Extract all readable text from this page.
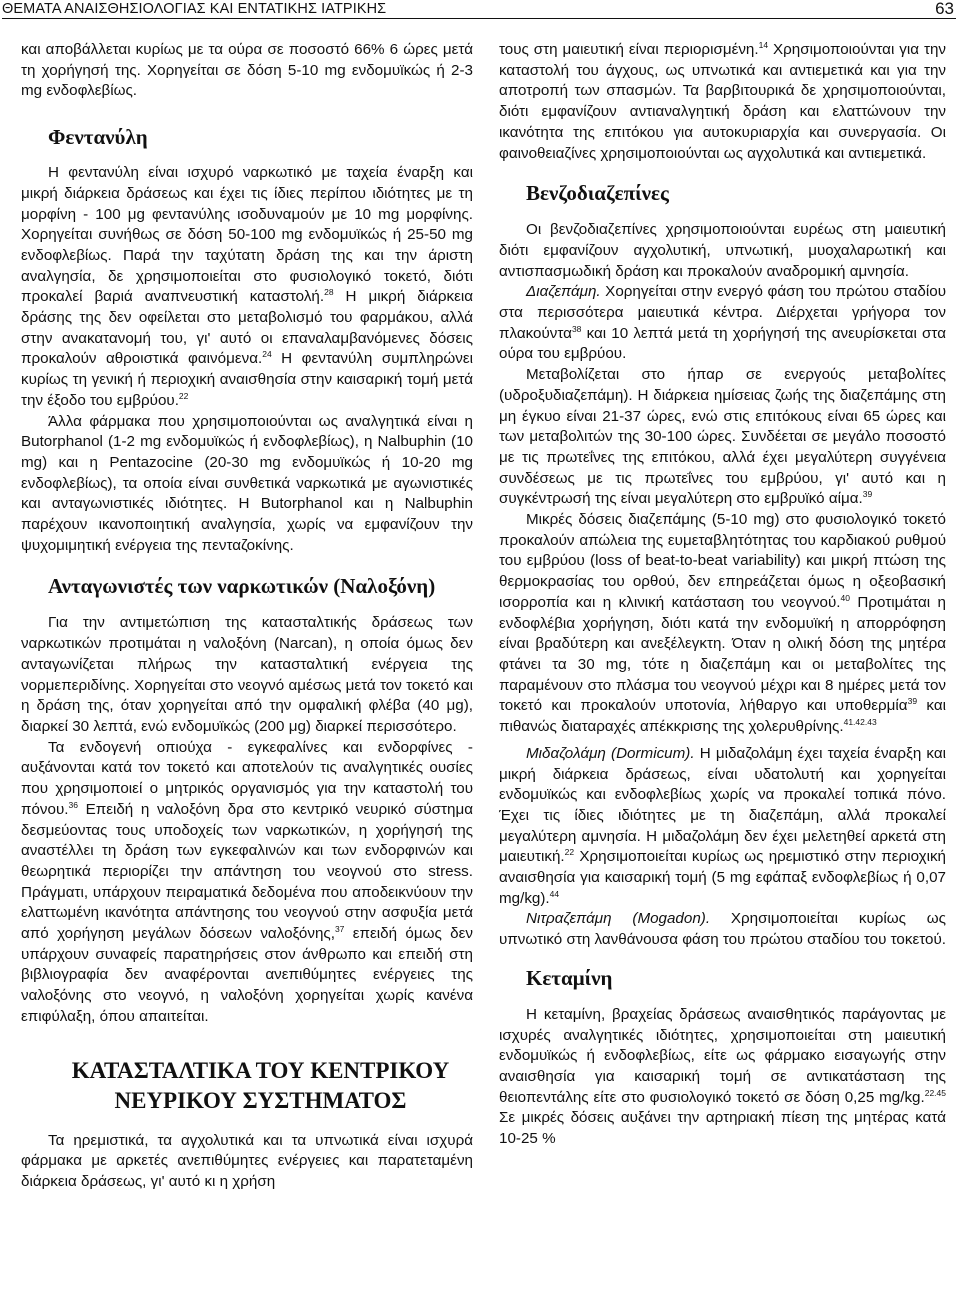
ΘΕΜΑΤΑ ΑΝΑΙΣΘΗΣΙΟΛΟΓΙΑΣ ΚΑΙ ΕΝΤΑΤΙΚΗΣ ΙΑΤΡΙΚΗΣ	63

και αποβάλλεται κυρίως με τα ούρα σε ποσοστό 66% 6 ώρες μετά τη χορήγησή της. Χορηγείται σε δόση 5-10 mg ενδομυϊκώς ή 2-3 mg ενδοφλεβίως.

Φεντανύλη

Η φεντανύλη είναι ισχυρό ναρκωτικό με ταχεία έναρξη και μικρή διάρκεια δράσεως και έχει τις ίδιες περίπου ιδιότητες με τη μορφίνη - 100 μg φεντανύλης ισοδυναμούν με 10 mg μορφίνης. Χορηγείται συνήθως σε δόση 50-100 mg ενδομυϊκώς ή 25-50 mg ενδοφλεβίως. Παρά την ταχύτατη δράση της και την άριστη αναλγησία, δε χρησιμοποιείται στο φυσιολογικό τοκετό, διότι προκαλεί βαριά αναπνευστική καταστολή.$^{28}$ Η μικρή διάρκεια δράσης της δεν οφείλεται στο μεταβολισμό του φαρμάκου, αλλά στην ανακατανομή του, γι' αυτό οι επαναλαμβανόμενες δόσεις προκαλούν αθροιστικά φαινόμενα.$^{24}$ Η φεντανύλη συμπληρώνει κυρίως τη γενική ή περιοχική αναισθησία στην καισαρική τομή μετά την έξοδο του εμβρύου.$^{22}$

Άλλα φάρμακα που χρησιμοποιούνται ως αναλγητικά είναι η Butorphanol (1-2 mg ενδομυϊκώς ή ενδοφλεβίως), η Nalbuphin (10 mg) και η Pentazocine (20-30 mg ενδομυϊκώς ή 10-20 mg ενδοφλεβίως), τα οποία είναι συνθετικά ναρκωτικά με αγωνιστικές και ανταγωνιστικές ιδιότητες. Η Butorphanol και η Nalbuphin παρέχουν ικανοποιητική αναλγησία, χωρίς να εμφανίζουν την ψυχομιμητική ενέργεια της πενταζοκίνης.

Ανταγωνιστές των ναρκωτικών (Ναλοξόνη)

Για την αντιμετώπιση της κατασταλτικής δράσεως των ναρκωτικών προτιμάται η ναλοξόνη (Narcan), η οποία όμως δεν ανταγωνίζεται πλήρως την κατασταλτική ενέργεια της νορμεπεριδίνης. Χορηγείται στο νεογνό αμέσως μετά τον τοκετό και η δράση της, όταν χορηγείται από την ομφαλική φλέβα (40 μg), διαρκεί 30 λεπτά, ενώ ενδομυϊκώς (200 μg) διαρκεί περισσότερο.

Τα ενδογενή οπιούχα - εγκεφαλίνες και ενδορφίνες - αυξάνονται κατά τον τοκετό και αποτελούν τις αναλγητικές ουσίες που χρησιμοποιεί ο μητρικός οργανισμός για την καταστολή του πόνου.$^{36}$ Επειδή η ναλοξόνη δρα στο κεντρικό νευρικό σύστημα δεσμεύοντας τους υποδοχείς των ναρκωτικών, η χορήγησή της αναστέλλει τη δράση των εγκεφαλινών και των ενδορφινών και θεωρητικά περιορίζει την απάντηση του νεογνού στο stress. Πράγματι, υπάρχουν πειραματικά δεδομένα που αποδεικνύουν την ελαττωμένη ικανότητα απάντησης του νεογνού στην ασφυξία μετά από χορήγηση μεγάλων δόσεων ναλοξόνης,$^{37}$ επειδή όμως δεν υπάρχουν συναφείς παρατηρήσεις στον άνθρωπο και επειδή στη βιβλιογραφία δεν αναφέρονται ανεπιθύμητες ενέργειες της ναλοξόνης στο νεογνό, η ναλοξόνη χορηγείται χωρίς κανένα επιφύλαξη, όπου απαιτείται.

ΚΑΤΑΣΤΑΛΤΙΚΑ ΤΟΥ ΚΕΝΤΡΙΚΟΥ

ΝΕΥΡΙΚΟΥ ΣΥΣΤΗΜΑΤΟΣ

Τα ηρεμιστικά, τα αγχολυτικά και τα υπνωτικά είναι ισχυρά φάρμακα με αρκετές ανεπιθύμητες ενέργειες και παρατεταμένη διάρκεια δράσεως, γι' αυτό κι η χρήση

τους στη μαιευτική είναι περιορισμένη.$^{14}$ Χρησιμοποιούνται για την καταστολή του άγχους, ως υπνωτικά και αντιεμετικά και για την αποτροπή των σπασμών. Τα βαρβιτουρικά δε χρησιμοποιούνται, διότι εμφανίζουν αντιαναλγητική δράση και ελαττώνουν την ικανότητα της επιτόκου για αυτοκυριαρχία και συνεργασία. Οι φαινοθειαζίνες χρησιμοποιούνται ως αγχολυτικά και αντιεμετικά.

Βενζοδιαζεπίνες

Οι βενζοδιαζεπίνες χρησιμοποιούνται ευρέως στη μαιευτική διότι εμφανίζουν αγχολυτική, υπνωτική, μυοχαλαρωτική και αντισπασμωδική δράση και προκαλούν αναδρομική αμνησία.

Διαζεπάμη. Χορηγείται στην ενεργό φάση του πρώτου σταδίου στα περισσότερα μαιευτικά κέντρα. Διέρχεται γρήγορα τον πλακούντα$^{38}$ και 10 λεπτά μετά τη χορήγησή της ανευρίσκεται στα ούρα του εμβρύου.

Μεταβολίζεται στο ήπαρ σε ενεργούς μεταβολίτες (υδροξυδιαζεπάμη). Η διάρκεια ημίσειας ζωής της διαζεπάμης στη μη έγκυο είναι 21-37 ώρες, ενώ στις επιτόκους είναι 65 ώρες και των μεταβολιτών της 30-100 ώρες. Συνδέεται σε μεγάλο ποσοστό με τις πρωτεΐνες της επιτόκου, αλλά έχει μεγαλύτερη συγγένεια συνδέσεως με τις πρωτεΐνες του εμβρύου, γι' αυτό και η συγκέντρωσή της είναι μεγαλύτερη στο εμβρυϊκό αίμα.$^{39}$

Μικρές δόσεις διαζεπάμης (5-10 mg) στο φυσιολογικό τοκετό προκαλούν απώλεια της ευμεταβλητότητας του καρδιακού ρυθμού του εμβρύου (loss of beat-to-beat variability) και μικρή πτώση της θερμοκρασίας του ορθού, δεν επηρεάζεται όμως η οξεοβασική ισορροπία και η κλινική κατάσταση του νεογνού.$^{40}$ Προτιμάται η ενδοφλέβια χορήγηση, διότι κατά την ενδομυϊκή η απορρόφηση είναι βραδύτερη και ανεξέλεγκτη. Όταν η ολική δόση της μητέρα φτάνει τα 30 mg, τότε η διαζεπάμη και οι μεταβολίτες της παραμένουν στο πλάσμα του νεογνού μέχρι και 8 ημέρες μετά τον τοκετό και προκαλούν υποτονία, λήθαργο και υποθερμία$^{39}$ και πιθανώς διαταραχές απέκκρισης της χολερυθρίνης.$^{41.42.43}$

Μιδαζολάμη (Dormicum). Η μιδαζολάμη έχει ταχεία έναρξη και μικρή διάρκεια δράσεως, είναι υδατολυτή και χορηγείται ενδομυϊκώς και ενδοφλεβίως χωρίς να προκαλεί τοπικά πόνο. Έχει τις ίδιες ιδιότητες με τη διαζεπάμη, αλλά προκαλεί μεγαλύτερη αμνησία. Η μιδαζολάμη δεν έχει μελετηθεί αρκετά στη μαιευτική.$^{22}$ Χρησιμοποιείται κυρίως ως ηρεμιστικό στην περιοχική αναισθησία για καισαρική τομή (5 mg εφάπαξ ενδοφλεβίως ή 0,07 mg/kg).$^{44}$

Νιτραζεπάμη (Mogadon). Χρησιμοποιείται κυρίως ως υπνωτικό στη λανθάνουσα φάση του πρώτου σταδίου του τοκετού.

Κεταμίνη

Η κεταμίνη, βραχείας δράσεως αναισθητικός παράγοντας με ισχυρές αναλγητικές ιδιότητες, χρησιμοποιείται στη μαιευτική ενδομυϊκώς ή ενδοφλεβίως, είτε ως φάρμακο εισαγωγής στην αναισθησία για καισαρική τομή σε αντικατάσταση της θειοπεντάλης είτε στο φυσιολογικό τοκετό σε δόση 0,25 mg/kg.$^{22.45}$ Σε μικρές δόσεις αυξάνει την αρτηριακή πίεση της μητέρας κατά 10-25 %
